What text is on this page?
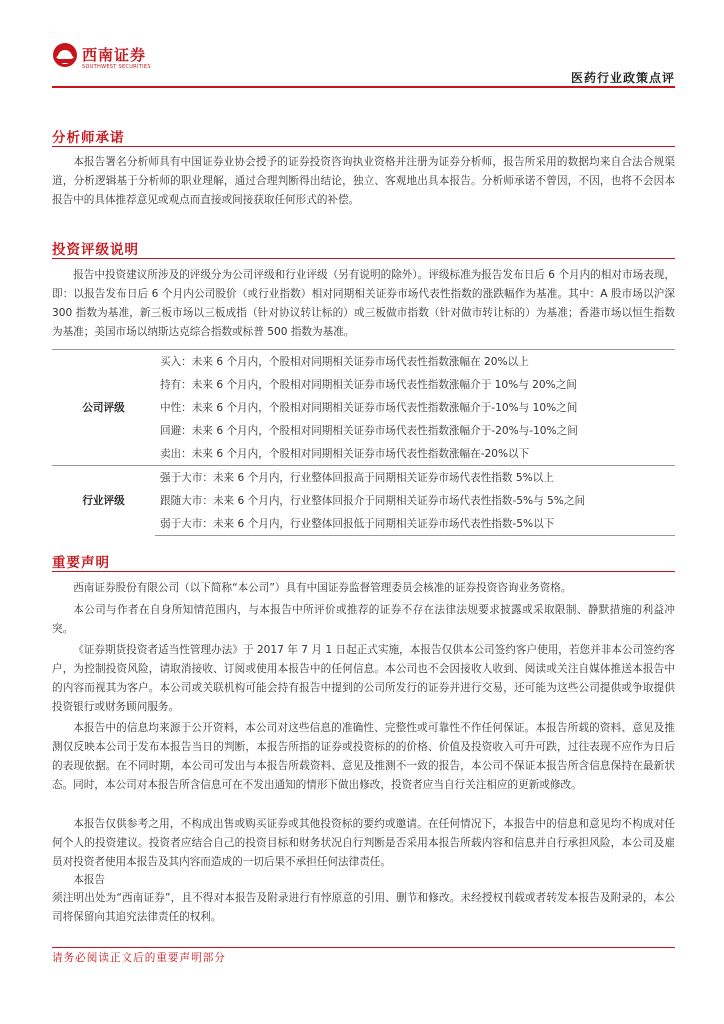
西南证券
SOUTHWEST SECURITIES
医药行业政策点评
分析师承诺

本报告署名分析师具有中国证券业协会授予的证券投资咨询执业资格并注册为证券分析师，报告所采用的数据均来自合法合规渠道，分析逻辑基于分析师的职业理解，通过合理判断得出结论，独立、客观地出具本报告。分析师承诺不曾因，不因，也将不会因本报告中的具体推荐意见或观点而直接或间接获取任何形式的补偿。

投资评级说明

报告中投资建议所涉及的评级分为公司评级和行业评级（另有说明的除外）。评级标准为报告发布日后 6 个月内的相对市场表现，即：以报告发布日后 6 个月内公司股价（或行业指数）相对同期相关证券市场代表性指数的涨跌幅作为基准。其中：A 股市场以沪深 300 指数为基准，新三板市场以三板成指（针对协议转让标的）或三板做市指数（针对做市转让标的）为基准；香港市场以恒生指数为基准；美国市场以纳斯达克综合指数或标普 500 指数为基准。

公司评级	买入：未来 6 个月内，个股相对同期相关证券市场代表性指数涨幅在 20%以上
	持有：未来 6 个月内，个股相对同期相关证券市场代表性指数涨幅介于 10%与 20%之间
	中性：未来 6 个月内，个股相对同期相关证券市场代表性指数涨幅介于-10%与 10%之间
	回避：未来 6 个月内，个股相对同期相关证券市场代表性指数涨幅介于-20%与-10%之间
	卖出：未来 6 个月内，个股相对同期相关证券市场代表性指数涨幅在-20%以下
行业评级	强于大市：未来 6 个月内，行业整体回报高于同期相关证券市场代表性指数 5%以上
	跟随大市：未来 6 个月内，行业整体回报介于同期相关证券市场代表性指数-5%与 5%之间
	弱于大市：未来 6 个月内，行业整体回报低于同期相关证券市场代表性指数-5%以下
重要声明

西南证券股份有限公司（以下简称“本公司”）具有中国证券监督管理委员会核准的证券投资咨询业务资格。

本公司与作者在自身所知情范围内，与本报告中所评价或推荐的证券不存在法律法规要求披露或采取限制、静默措施的利益冲突。

《证券期货投资者适当性管理办法》于 2017 年 7 月 1 日起正式实施，本报告仅供本公司签约客户使用，若您并非本公司签约客户，为控制投资风险，请取消接收、订阅或使用本报告中的任何信息。本公司也不会因接收人收到、阅读或关注自媒体推送本报告中的内容而视其为客户。本公司或关联机构可能会持有报告中提到的公司所发行的证券并进行交易，还可能为这些公司提供或争取提供投资银行或财务顾问服务。

本报告中的信息均来源于公开资料，本公司对这些信息的准确性、完整性或可靠性不作任何保证。本报告所载的资料、意见及推测仅反映本公司于发布本报告当日的判断，本报告所指的证券或投资标的的价格、价值及投资收入可升可跌，过往表现不应作为日后的表现依据。在不同时期，本公司可发出与本报告所载资料、意见及推测不一致的报告，本公司不保证本报告所含信息保持在最新状态。同时，本公司对本报告所含信息可在不发出通知的情形下做出修改，投资者应当自行关注相应的更新或修改。

本报告仅供参考之用，不构成出售或购买证券或其他投资标的要约或邀请。在任何情况下，本报告中的信息和意见均不构成对任何个人的投资建议。投资者应结合自己的投资目标和财务状况自行判断是否采用本报告所载内容和信息并自行承担风险，本公司及雇员对投资者使用本报告及其内容而造成的一切后果不承担任何法律责任。

本报告

须注明出处为“西南证券”，且不得对本报告及附录进行有悖原意的引用、删节和修改。未经授权刊载或者转发本报告及附录的，本公司将保留向其追究法律责任的权利。

请务必阅读正文后的重要声明部分
